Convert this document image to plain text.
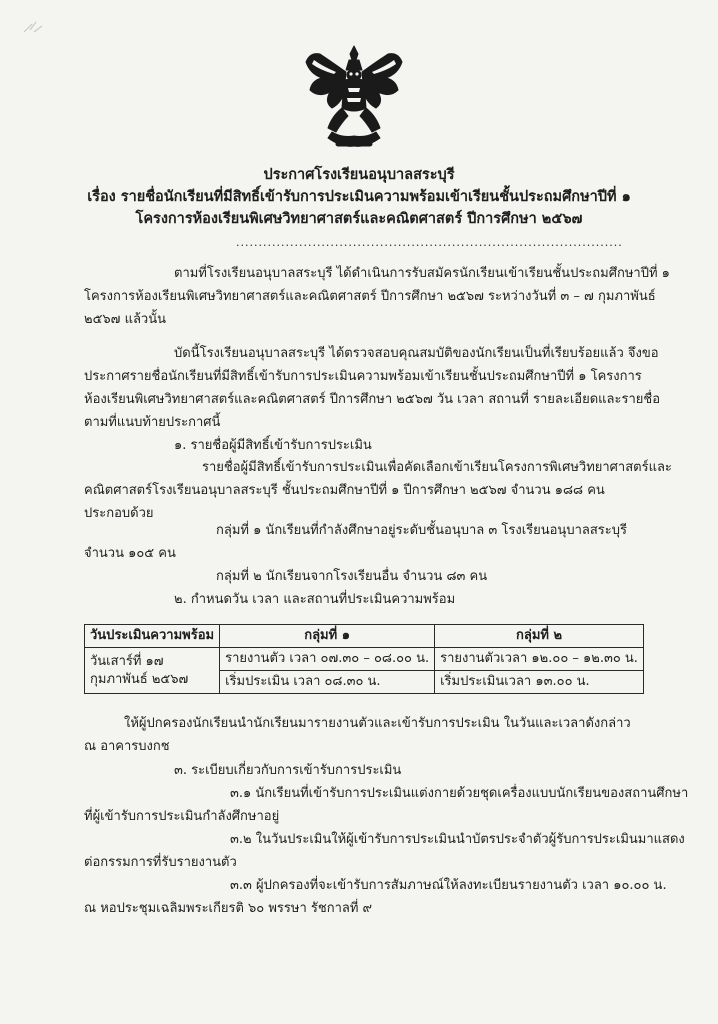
ประกาศโรงเรียนอนุบาลสระบุรี
เรื่อง รายชื่อนักเรียนที่มีสิทธิ์เข้ารับการประเมินความพร้อมเข้าเรียนชั้นประถมศึกษาปีที่ ๑
โครงการห้องเรียนพิเศษวิทยาศาสตร์และคณิตศาสตร์ ปีการศึกษา ๒๕๖๗
......................................................................................
ตามที่โรงเรียนอนุบาลสระบุรี ได้ดำเนินการรับสมัครนักเรียนเข้าเรียนชั้นประถมศึกษาปีที่ ๑
โครงการห้องเรียนพิเศษวิทยาศาสตร์และคณิตศาสตร์ ปีการศึกษา ๒๕๖๗ ระหว่างวันที่ ๓ – ๗ กุมภาพันธ์
๒๕๖๗ แล้วนั้น
บัดนี้โรงเรียนอนุบาลสระบุรี ได้ตรวจสอบคุณสมบัติของนักเรียนเป็นที่เรียบร้อยแล้ว จึงขอ
ประกาศรายชื่อนักเรียนที่มีสิทธิ์เข้ารับการประเมินความพร้อมเข้าเรียนชั้นประถมศึกษาปีที่ ๑ โครงการ
ห้องเรียนพิเศษวิทยาศาสตร์และคณิตศาสตร์ ปีการศึกษา ๒๕๖๗ วัน เวลา สถานที่ รายละเอียดและรายชื่อ
ตามที่แนบท้ายประกาศนี้
๑. รายชื่อผู้มีสิทธิ์เข้ารับการประเมิน
รายชื่อผู้มีสิทธิ์เข้ารับการประเมินเพื่อคัดเลือกเข้าเรียนโครงการพิเศษวิทยาศาสตร์และ
คณิตศาสตร์โรงเรียนอนุบาลสระบุรี ชั้นประถมศึกษาปีที่ ๑ ปีการศึกษา ๒๕๖๗ จำนวน ๑๘๘ คน
ประกอบด้วย
กลุ่มที่ ๑ นักเรียนที่กำลังศึกษาอยู่ระดับชั้นอนุบาล ๓ โรงเรียนอนุบาลสระบุรี
จำนวน ๑๐๕ คน
กลุ่มที่ ๒ นักเรียนจากโรงเรียนอื่น จำนวน ๘๓ คน
๒. กำหนดวัน เวลา และสถานที่ประเมินความพร้อม
วันประเมินความพร้อม	กลุ่มที่ ๑	กลุ่มที่ ๒

วันเสาร์ที่ ๑๗
กุมภาพันธ์ ๒๕๖๗	รายงานตัว เวลา ๐๗.๓๐ – ๐๘.๐๐ น.	รายงานตัวเวลา ๑๒.๐๐ – ๑๒.๓๐ น.
	เริ่มประเมิน เวลา ๐๘.๓๐ น.	เริ่มประเมินเวลา ๑๓.๐๐ น.
ให้ผู้ปกครองนักเรียนนำนักเรียนมารายงานตัวและเข้ารับการประเมิน ในวันและเวลาดังกล่าว
ณ อาคารบงกช
๓. ระเบียบเกี่ยวกับการเข้ารับการประเมิน
๓.๑ นักเรียนที่เข้ารับการประเมินแต่งกายด้วยชุดเครื่องแบบนักเรียนของสถานศึกษา
ที่ผู้เข้ารับการประเมินกำลังศึกษาอยู่
๓.๒ ในวันประเมินให้ผู้เข้ารับการประเมินนำบัตรประจำตัวผู้รับการประเมินมาแสดง
ต่อกรรมการที่รับรายงานตัว
๓.๓ ผู้ปกครองที่จะเข้ารับการสัมภาษณ์ให้ลงทะเบียนรายงานตัว เวลา ๑๐.๐๐ น.
ณ หอประชุมเฉลิมพระเกียรติ ๖๐ พรรษา รัชกาลที่ ๙
